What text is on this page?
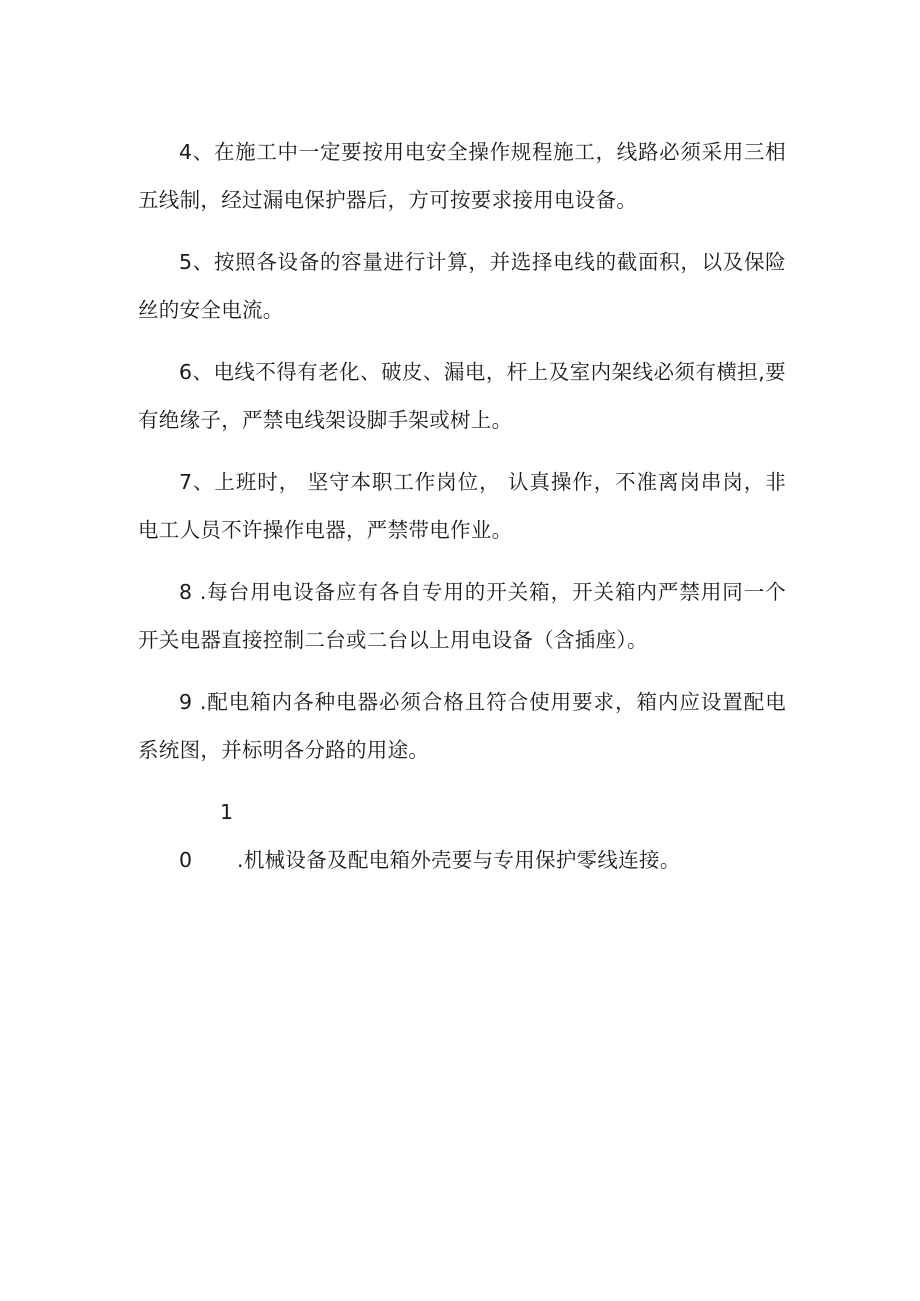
4、在施工中一定要按用电安全操作规程施工，线路必须采用三相五线制，经过漏电保护器后，方可按要求接用电设备。

5、按照各设备的容量进行计算，并选择电线的截面积，以及保险丝的安全电流。

6、电线不得有老化、破皮、漏电，杆上及室内架线必须有横担,要有绝缘子，严禁电线架设脚手架或树上。

7、上班时， 坚守本职工作岗位， 认真操作，不准离岗串岗，非电工人员不许操作电器，严禁带电作业。

8 .每台用电设备应有各自专用的开关箱，开关箱内严禁用同一个开关电器直接控制二台或二台以上用电设备（含插座）。

9 .配电箱内各种电器必须合格且符合使用要求，箱内应设置配电系统图，并标明各分路的用途。

10 .机械设备及配电箱外壳要与专用保护零线连接。
